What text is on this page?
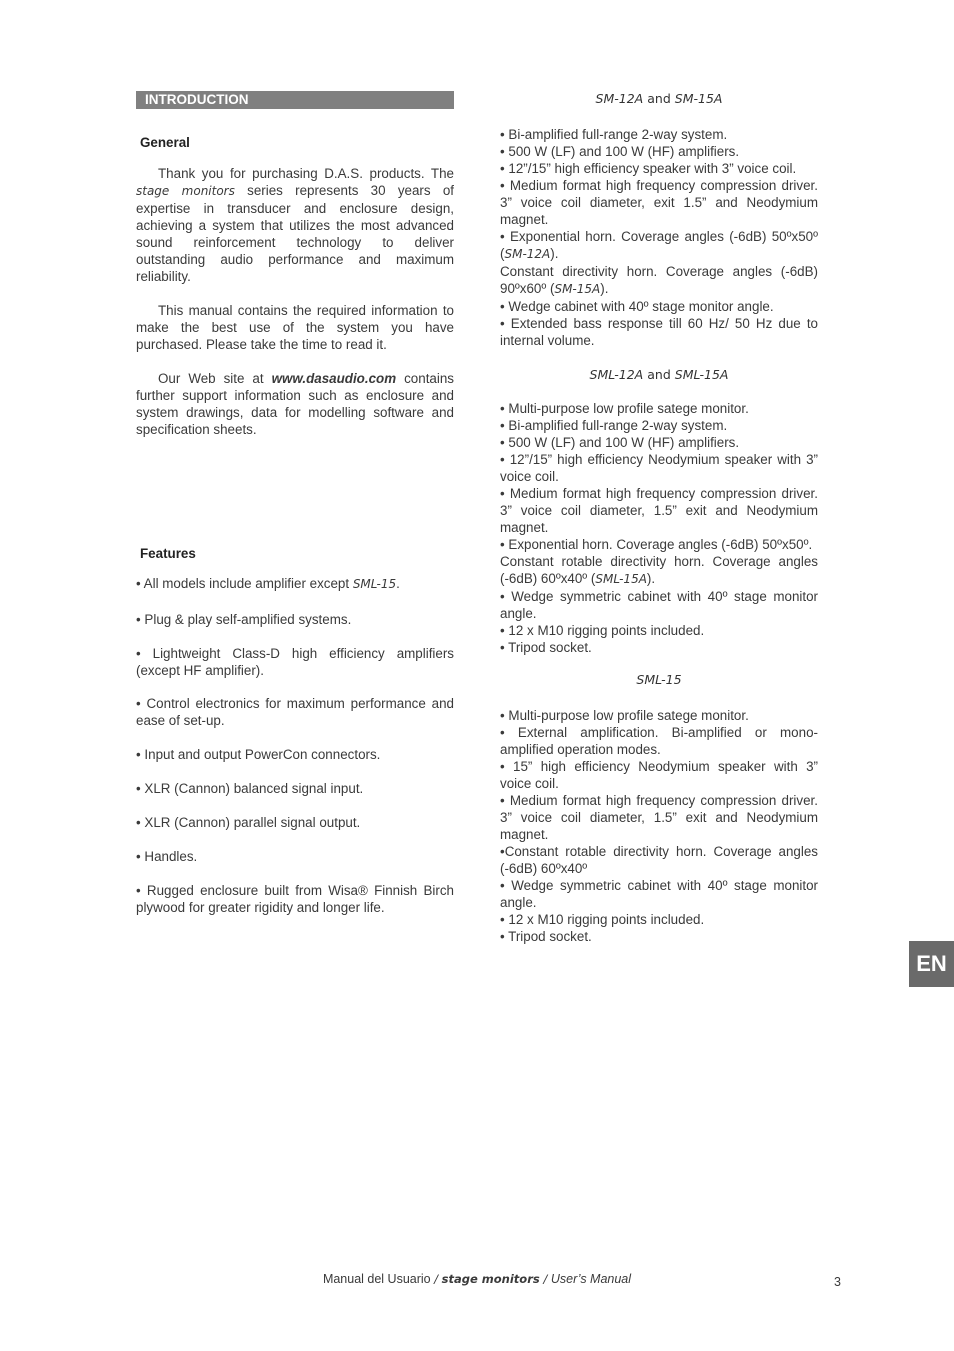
INTRODUCTION
General

Thank you for purchasing D.A.S. products. The stage monitors series represents 30 years of expertise in transducer and enclosure design, achieving a system that utilizes the most advanced sound reinforcement technology to deliver outstanding audio performance and maximum reliability.

This manual contains the required information to make the best use of the system you have purchased. Please take the time to read it.

Our Web site at www.dasaudio.com contains further support information such as enclosure and system drawings, data for modelling software and specification sheets.

Features

• All models include amplifier except SML-15.

• Plug & play self-amplified systems.

• Lightweight Class-D high efficiency amplifiers (except HF amplifier).

• Control electronics for maximum performance and ease of set-up.

• Input and output PowerCon connectors.

• XLR (Cannon) balanced signal input.

• XLR (Cannon) parallel signal output.

• Handles.

• Rugged enclosure built from Wisa® Finnish Birch plywood for greater rigidity and longer life.

SM-12A and SM-15A
• Bi-amplified full-range 2-way system.
• 500 W (LF) and 100 W (HF) amplifiers.
• 12”/15” high efficiency speaker with 3” voice coil.
• Medium format high frequency compression driver. 3” voice coil diameter, exit 1.5” and Neodymium magnet.
• Exponential horn. Coverage angles (-6dB) 50ºx50º (SM-12A).
Constant directivity horn. Coverage angles (-6dB) 90ºx60º (SM-15A).
• Wedge cabinet with 40º stage monitor angle.
• Extended bass response till 60 Hz/ 50 Hz due to internal volume.
SML-12A and SML-15A
• Multi-purpose low profile satege monitor.
• Bi-amplified full-range 2-way system.
• 500 W (LF) and 100 W (HF) amplifiers.
• 12”/15” high efficiency Neodymium speaker with 3” voice coil.
• Medium format high frequency compression driver. 3” voice coil diameter, 1.5” exit and Neodymium magnet.
• Exponential horn. Coverage angles (-6dB) 50ºx50º.
Constant rotable directivity horn. Coverage angles (-6dB) 60ºx40º (SML-15A).
• Wedge symmetric cabinet with 40º stage monitor angle.
• 12 x M10 rigging points included.
• Tripod socket.
SML-15
• Multi-purpose low profile satege monitor.
• External amplification. Bi-amplified or mono-amplified operation modes.
• 15” high efficiency Neodymium speaker with 3” voice coil.
• Medium format high frequency compression driver. 3” voice coil diameter, 1.5” exit and Neodymium magnet.
•Constant rotable directivity horn. Coverage angles (-6dB) 60ºx40º
• Wedge symmetric cabinet with 40º stage monitor angle.
• 12 x M10 rigging points included.
• Tripod socket.
EN
Manual del Usuario / stage monitors / User’s Manual	3
